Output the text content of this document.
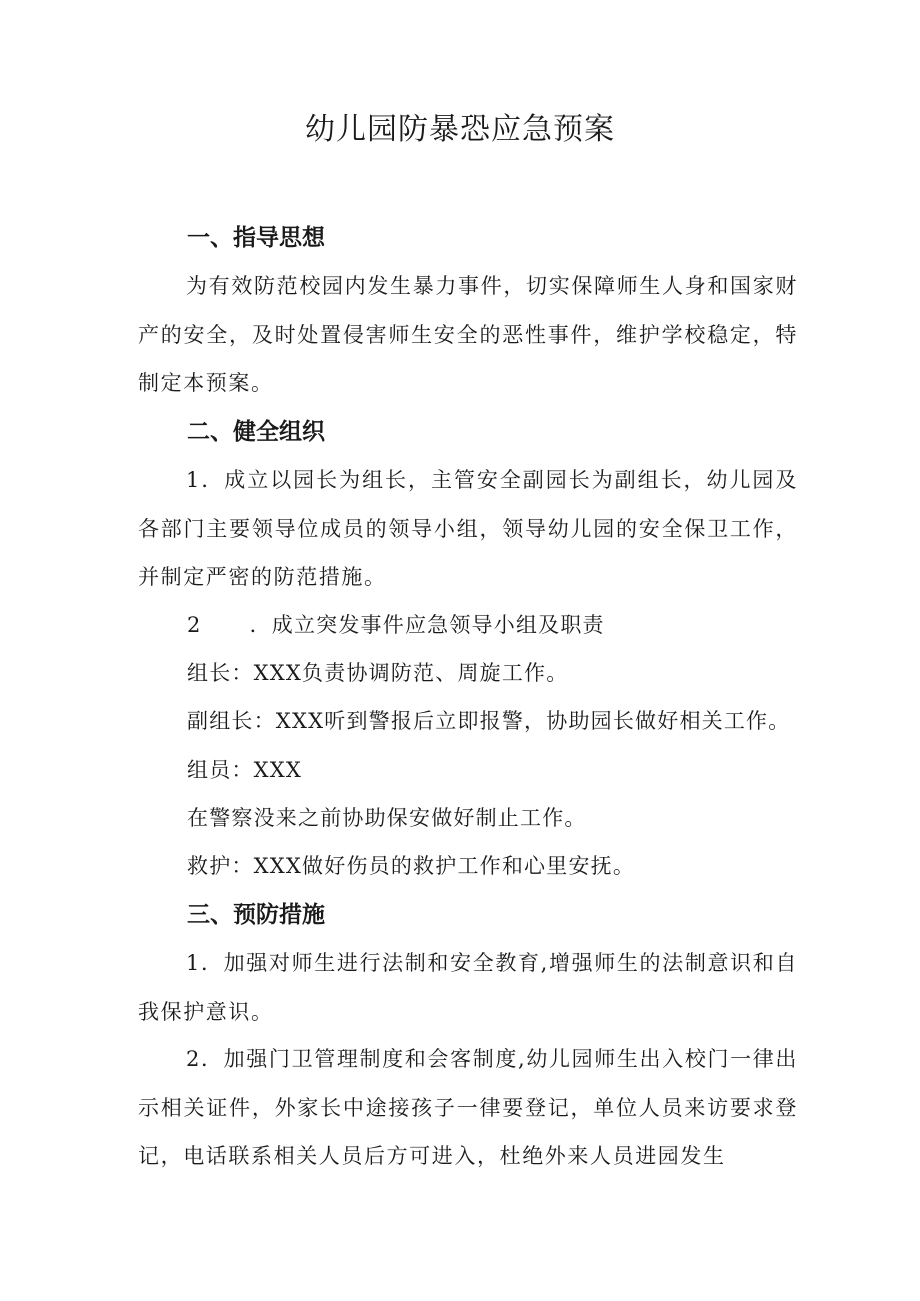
幼儿园防暴恐应急预案
一、指导思想
为有效防范校园内发生暴力事件，切实保障师生人身和国家财产的安全，及时处置侵害师生安全的恶性事件，维护学校稳定，特制定本预案。
二、健全组织
1．成立以园长为组长，主管安全副园长为副组长，幼儿园及各部门主要领导位成员的领导小组，领导幼儿园的安全保卫工作，并制定严密的防范措施。
2 ．成立突发事件应急领导小组及职责
组长：XXX负责协调防范、周旋工作。
副组长：XXX听到警报后立即报警，协助园长做好相关工作。
组员：XXX
在警察没来之前协助保安做好制止工作。
救护：XXX做好伤员的救护工作和心里安抚。
三、预防措施
1．加强对师生进行法制和安全教育,增强师生的法制意识和自我保护意识。
2．加强门卫管理制度和会客制度,幼儿园师生出入校门一律出示相关证件，外家长中途接孩子一律要登记，单位人员来访要求登记，电话联系相关人员后方可进入，杜绝外来人员进园发生
